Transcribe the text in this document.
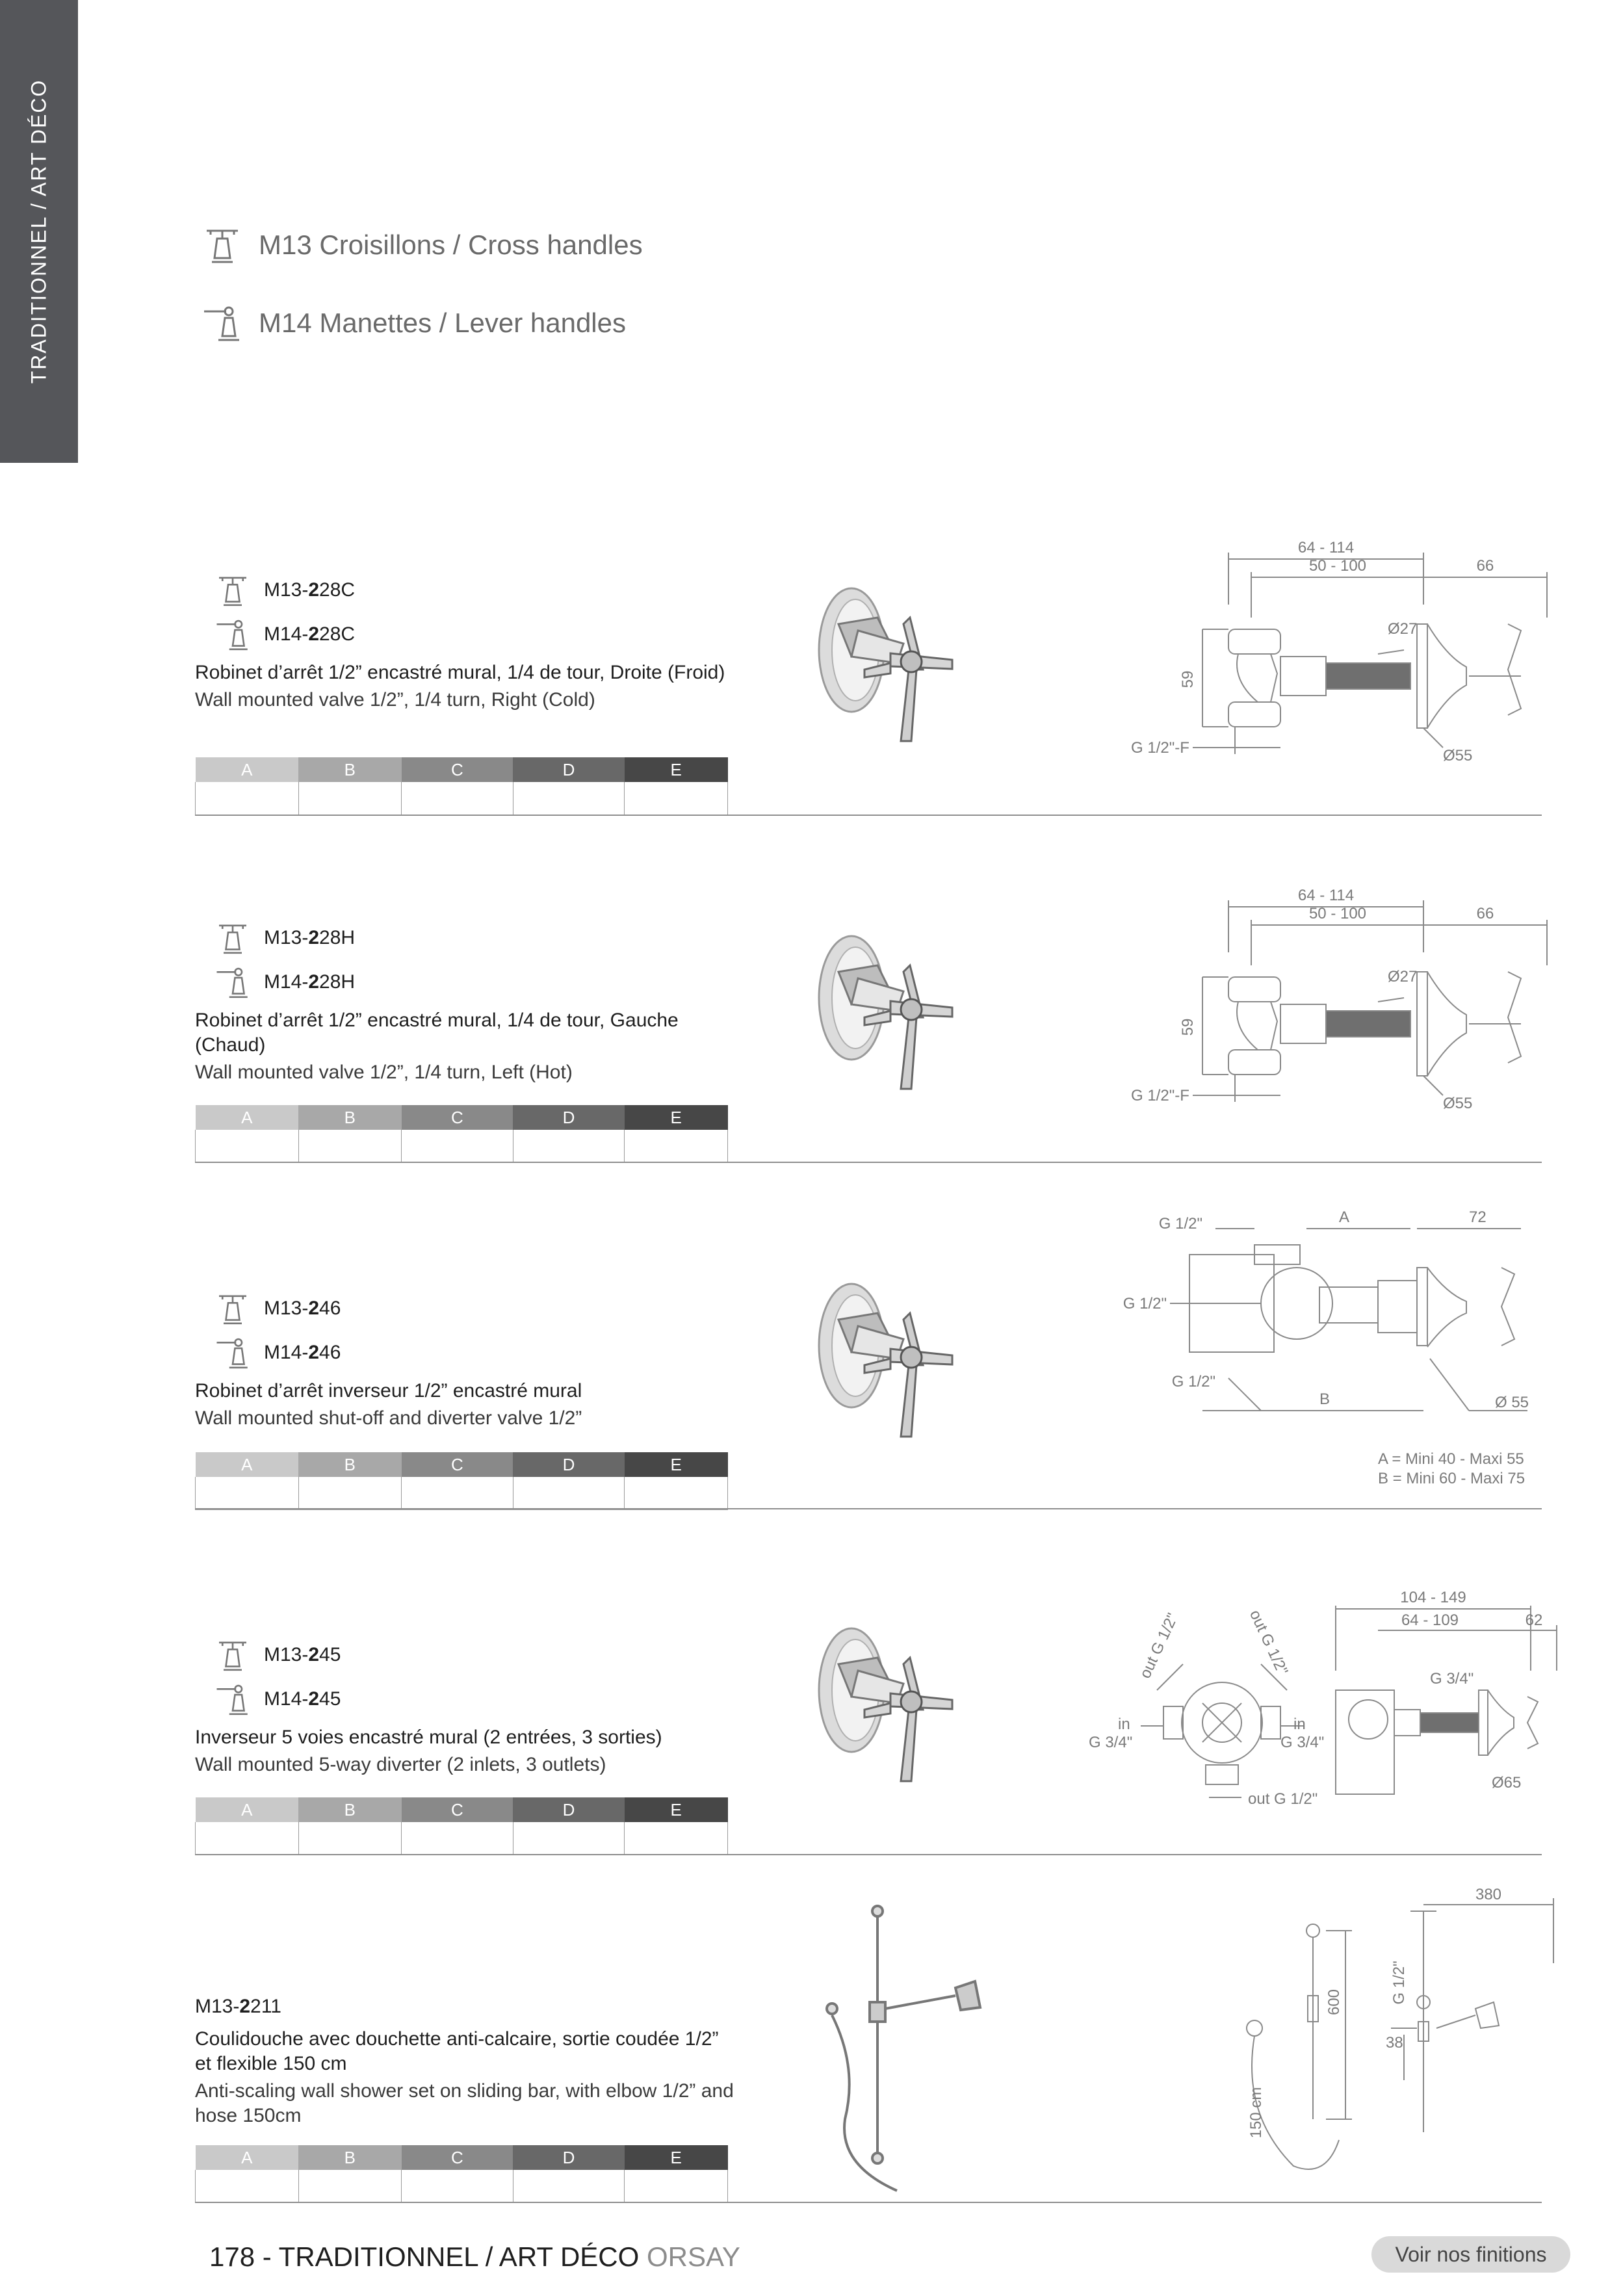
TRADITIONNEL / ART DÉCO	M13 Croisillons / Cross handles
M14 Manettes / Lever handles
M13-228C
M14-228C
Robinet d’arrêt 1/2” encastré mural, 1/4 de tour, Droite (Froid)
Wall mounted valve 1/2”, 1/4 turn, Right (Cold)
A	B	C	D	E

64 - 114
50 - 100	66
59
G 1/2"-F
Ø27
Ø55
M13-228H
M14-228H
Robinet d’arrêt 1/2” encastré mural, 1/4 de tour, Gauche (Chaud)
Wall mounted valve 1/2”, 1/4 turn, Left (Hot)
A	B	C	D	E

64 - 114
50 - 100	66
59
G 1/2"-F
Ø27
Ø55
M13-246
M14-246
Robinet d’arrêt inverseur 1/2” encastré mural
Wall mounted shut-off and diverter valve 1/2”
A	B	C	D	E

G 1/2"
G 1/2"
G 1/2"
A
B
72
Ø 55
A = Mini 40 - Maxi 55
B = Mini 60 - Maxi 75
M13-245
M14-245
Inverseur 5 voies encastré mural (2 entrées, 3 sorties)
Wall mounted 5-way diverter (2 inlets, 3 outlets)
A	B	C	D	E

out G 1/2"	out G 1/2"
in
G 3/4"
in
G 3/4"
out G 1/2"
104 - 149
64 - 109	62
G 3/4"
Ø65
M13-2211
Coulidouche avec douchette anti-calcaire, sortie coudée 1/2” et flexible 150 cm
Anti-scaling wall shower set on sliding bar, with elbow 1/2” and hose 150cm
A	B	C	D	E

150 cm
600	G 1/2"
38
380
178 - TRADITIONNEL / ART DÉCO ORSAY	Voir nos finitions
